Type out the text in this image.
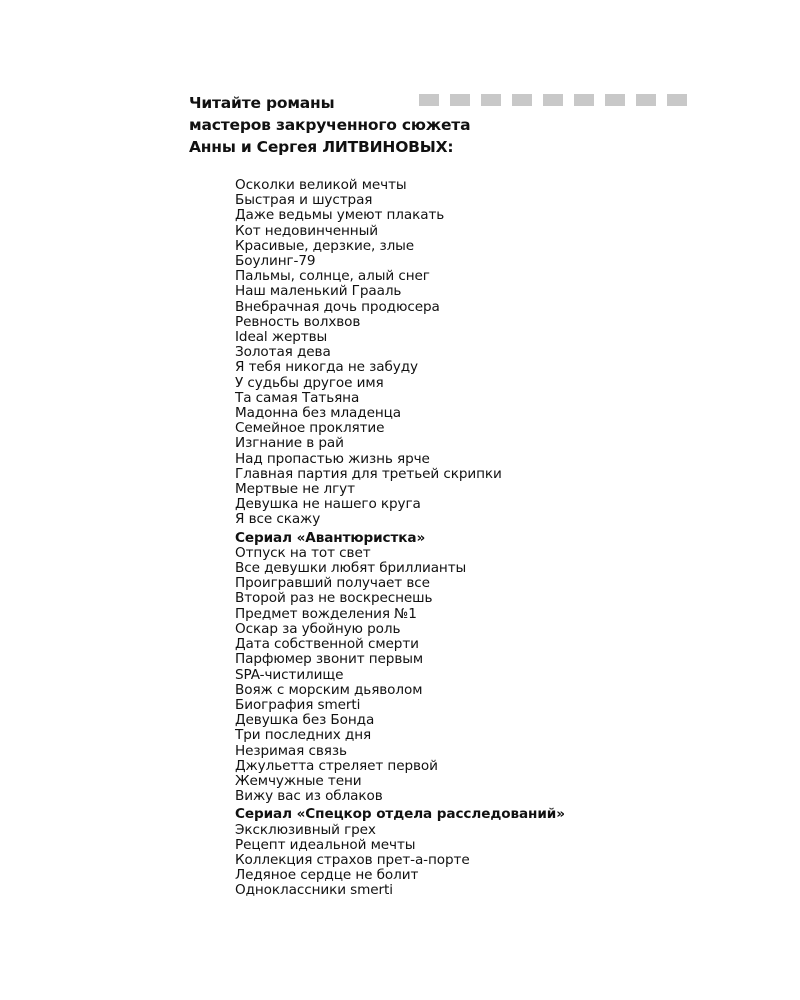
Читайте романы
мастеров закрученного сюжета
Анны и Сергея ЛИТВИНОВЫХ:
Осколки великой мечты
Быстрая и шустрая
Даже ведьмы умеют плакать
Кот недовинченный
Красивые, дерзкие, злые
Боулинг-79
Пальмы, солнце, алый снег
Наш маленький Грааль
Внебрачная дочь продюсера
Ревность волхвов
Ideal жертвы
Золотая дева
Я тебя никогда не забуду
У судьбы другое имя
Та самая Татьяна
Мадонна без младенца
Семейное проклятие
Изгнание в рай
Над пропастью жизнь ярче
Главная партия для третьей скрипки
Мертвые не лгут
Девушка не нашего круга
Я все скажу
Сериал «Авантюристка»
Отпуск на тот свет
Все девушки любят бриллианты
Проигравший получает все
Второй раз не воскреснешь
Предмет вожделения №1
Оскар за убойную роль
Дата собственной смерти
Парфюмер звонит первым
SPA-чистилище
Вояж с морским дьяволом
Биография smerti
Девушка без Бонда
Три последних дня
Незримая связь
Джульетта стреляет первой
Жемчужные тени
Вижу вас из облаков
Сериал «Спецкор отдела расследований»
Эксклюзивный грех
Рецепт идеальной мечты
Коллекция страхов прет-а-порте
Ледяное сердце не болит
Одноклассники smerti
